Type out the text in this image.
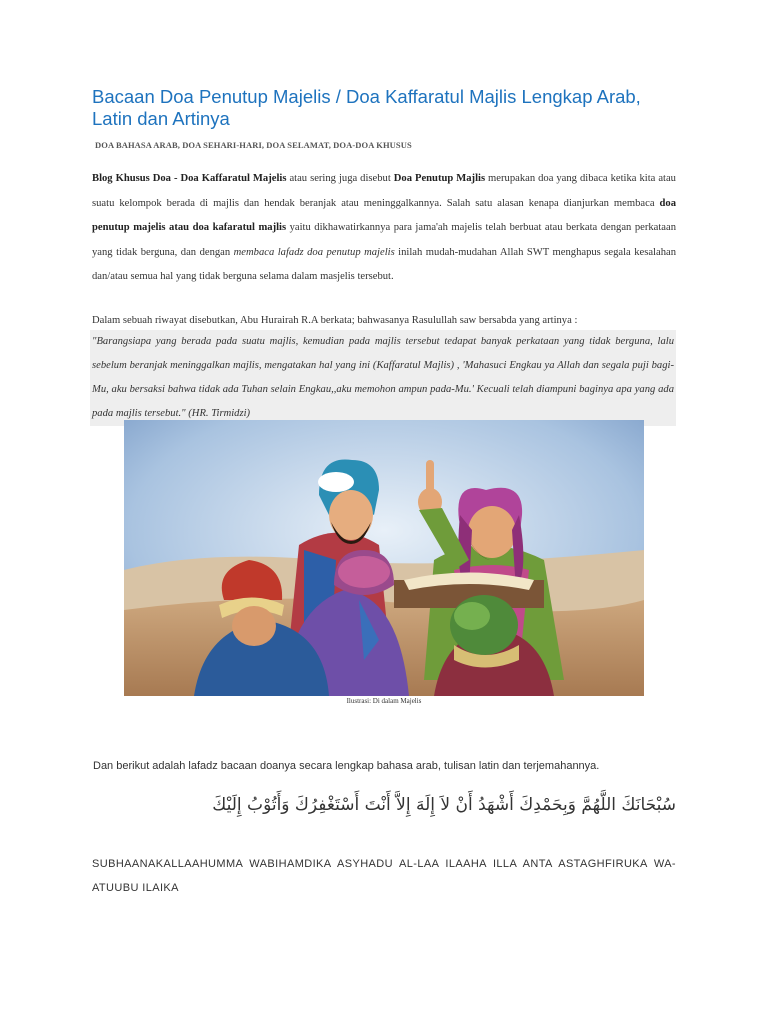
Bacaan Doa Penutup Majelis / Doa Kaffaratul Majlis Lengkap Arab, Latin dan Artinya
DOA BAHASA ARAB, DOA SEHARI-HARI, DOA SELAMAT, DOA-DOA KHUSUS
Blog Khusus Doa - Doa Kaffaratul Majelis atau sering juga disebut Doa Penutup Majlis merupakan doa yang dibaca ketika kita atau suatu kelompok berada di majlis dan hendak beranjak atau meninggalkannya. Salah satu alasan kenapa dianjurkan membaca doa penutup majelis atau doa kafaratul majlis yaitu dikhawatirkannya para jama'ah majelis telah berbuat atau berkata dengan perkataan yang tidak berguna, dan dengan membaca lafadz doa penutup majelis inilah mudah-mudahan Allah SWT menghapus segala kesalahan dan/atau semua hal yang tidak berguna selama dalam masjelis tersebut.
Dalam sebuah riwayat disebutkan, Abu Hurairah R.A berkata; bahwasanya Rasulullah saw bersabda yang artinya :
"Barangsiapa yang berada pada suatu majlis, kemudian pada majlis tersebut tedapat banyak perkataan yang tidak berguna, lalu sebelum beranjak meninggalkan majlis, mengatakan hal yang ini (Kaffaratul Majlis) , 'Mahasuci Engkau ya Allah dan segala puji bagi-Mu, aku bersaksi bahwa tidak ada Tuhan selain Engkau,,aku memohon ampun pada-Mu.' Kecuali telah diampuni baginya apa yang ada pada majlis tersebut." (HR. Tirmidzi)
Ilustrasi: Di dalam Majelis
Dan berikut adalah lafadz bacaan doanya secara lengkap bahasa arab, tulisan latin dan terjemahannya.
سُبْحَانَكَ اللَّهُمَّ وَبِحَمْدِكَ أَشْهَدُ أَنْ لاَ إِلَهَ إِلاَّ أَنْتَ أَسْتَغْفِرُكَ وَأَتُوْبُ إِلَيْكَ
SUBHAANAKALLAAHUMMA WABIHAMDIKA ASYHADU AL-LAA ILAAHA ILLA ANTA ASTAGHFIRUKA WA-ATUUBU ILAIKA
